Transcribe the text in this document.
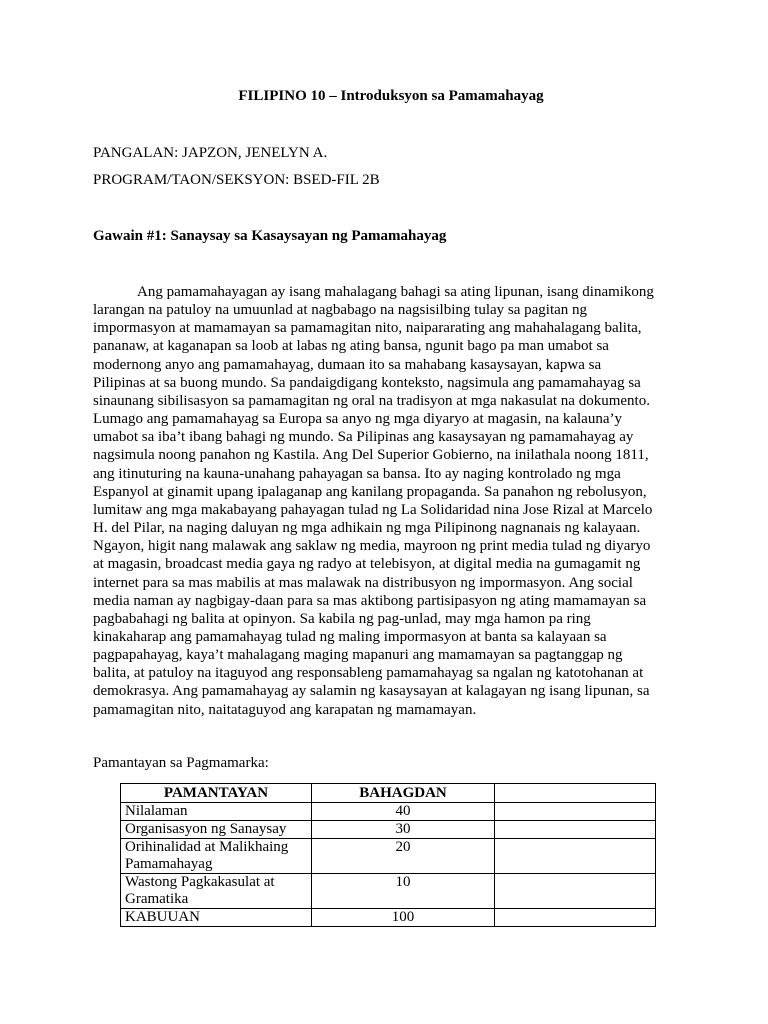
FILIPINO 10 – Introduksyon sa Pamamahayag
PANGALAN: JAPZON, JENELYN A.
PROGRAM/TAON/SEKSYON: BSED-FIL 2B
Gawain #1: Sanaysay sa Kasaysayan ng Pamamahayag
Ang pamamahayagan ay isang mahalagang bahagi sa ating lipunan, isang dinamikong
larangan na patuloy na umuunlad at nagbabago na nagsisilbing tulay sa pagitan ng
impormasyon at mamamayan sa pamamagitan nito, naipararating ang mahahalagang balita,
pananaw, at kaganapan sa loob at labas ng ating bansa, ngunit bago pa man umabot sa
modernong anyo ang pamamahayag, dumaan ito sa mahabang kasaysayan, kapwa sa
Pilipinas at sa buong mundo. Sa pandaigdigang konteksto, nagsimula ang pamamahayag sa
sinaunang sibilisasyon sa pamamagitan ng oral na tradisyon at mga nakasulat na dokumento.
Lumago ang pamamahayag sa Europa sa anyo ng mga diyaryo at magasin, na kalauna’y
umabot sa iba’t ibang bahagi ng mundo. Sa Pilipinas ang kasaysayan ng pamamahayag ay
nagsimula noong panahon ng Kastila. Ang Del Superior Gobierno, na inilathala noong 1811,
ang itinuturing na kauna-unahang pahayagan sa bansa. Ito ay naging kontrolado ng mga
Espanyol at ginamit upang ipalaganap ang kanilang propaganda. Sa panahon ng rebolusyon,
lumitaw ang mga makabayang pahayagan tulad ng La Solidaridad nina Jose Rizal at Marcelo
H. del Pilar, na naging daluyan ng mga adhikain ng mga Pilipinong nagnanais ng kalayaan.
Ngayon, higit nang malawak ang saklaw ng media, mayroon ng print media tulad ng diyaryo
at magasin, broadcast media gaya ng radyo at telebisyon, at digital media na gumagamit ng
internet para sa mas mabilis at mas malawak na distribusyon ng impormasyon. Ang social
media naman ay nagbigay-daan para sa mas aktibong partisipasyon ng ating mamamayan sa
pagbabahagi ng balita at opinyon. Sa kabila ng pag-unlad, may mga hamon pa ring
kinakaharap ang pamamahayag tulad ng maling impormasyon at banta sa kalayaan sa
pagpapahayag, kaya’t mahalagang maging mapanuri ang mamamayan sa pagtanggap ng
balita, at patuloy na itaguyod ang responsableng pamamahayag sa ngalan ng katotohanan at
demokrasya. Ang pamamahayag ay salamin ng kasaysayan at kalagayan ng isang lipunan, sa
pamamagitan nito, naitataguyod ang karapatan ng mamamayan.
Pamantayan sa Pagmamarka:
PAMANTAYAN	BAHAGDAN	
Nilalaman	40	
Organisasyon ng Sanaysay	30	
Orihinalidad at Malikhaing Pamamahayag	20	
Wastong Pagkakasulat at Gramatika	10	
KABUUAN	100	
